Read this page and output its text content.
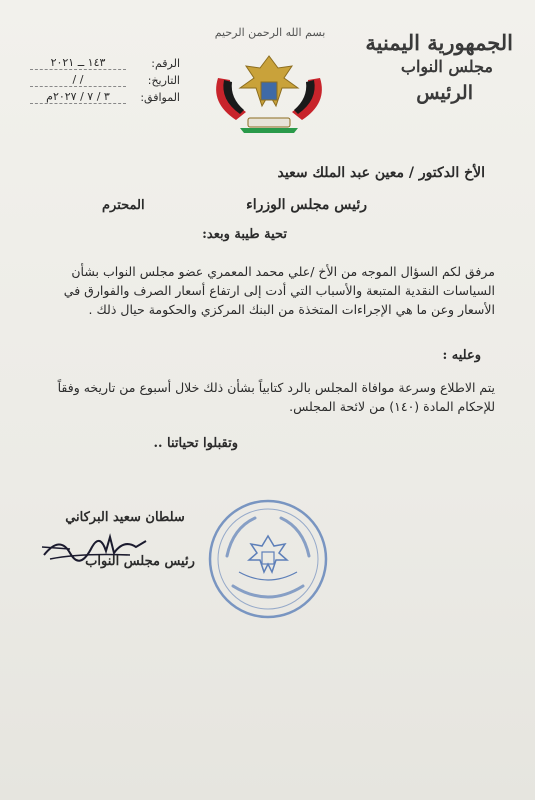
الجمهورية اليمنية
مجلس النواب
الرئيس
بسم الله الرحمن الرحيم
الرقم:
١٤٣ ــ ٢٠٢١
التاريخ:
/ /
الموافق:
٣ / ٧ / ٢٠٢٧م
الأخ الدكتور / معين عبد الملك سعيد
رئيس مجلس الوزراء
المحترم
تحية طيبة وبعد:
مرفق لكم السؤال الموجه من الأخ /علي محمد المعمري عضو مجلس النواب بشأن السياسات النقدية المتبعة والأسباب التي أدت إلى ارتفاع أسعار الصرف والفوارق في الأسعار وعن ما هي الإجراءات المتخذة من البنك المركزي والحكومة حيال ذلك .
وعليه :
يتم الاطلاع وسرعة موافاة المجلس بالرد كتابياً بشأن ذلك خلال أسبوع من تاريخه وفقاً للإحكام المادة (١٤٠) من لائحة المجلس.
وتقبلوا تحياتنا ..
سلطان سعيد البركاني
رئيس مجلس النواب
